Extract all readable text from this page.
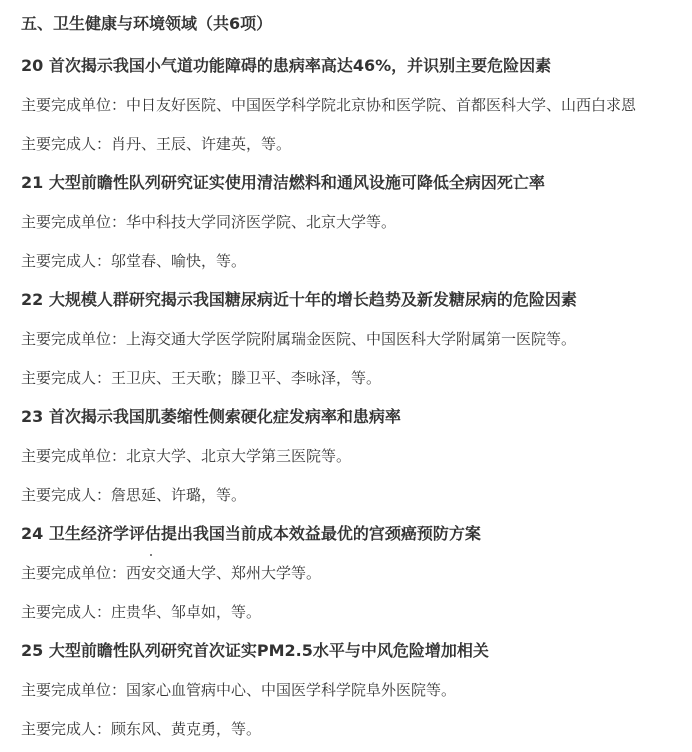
五、卫生健康与环境领域（共6项）
20 首次揭示我国小气道功能障碍的患病率高达46%，并识别主要危险因素
主要完成单位：中日友好医院、中国医学科学院北京协和医学院、首都医科大学、山西白求恩
主要完成人：肖丹、王辰、许建英，等。
21 大型前瞻性队列研究证实使用清洁燃料和通风设施可降低全病因死亡率
主要完成单位：华中科技大学同济医学院、北京大学等。
主要完成人：邬堂春、喻快，等。
22 大规模人群研究揭示我国糖尿病近十年的增长趋势及新发糖尿病的危险因素
主要完成单位：上海交通大学医学院附属瑞金医院、中国医科大学附属第一医院等。
主要完成人：王卫庆、王天歌；滕卫平、李咏泽，等。
23 首次揭示我国肌萎缩性侧索硬化症发病率和患病率
主要完成单位：北京大学、北京大学第三医院等。
主要完成人：詹思延、许璐，等。
24 卫生经济学评估提出我国当前成本效益最优的宫颈癌预防方案
主要完成单位：西安交通大学、郑州大学等。
主要完成人：庄贵华、邹卓如，等。
25 大型前瞻性队列研究首次证实PM2.5水平与中风危险增加相关
主要完成单位：国家心血管病中心、中国医学科学院阜外医院等。
主要完成人：顾东风、黄克勇，等。
